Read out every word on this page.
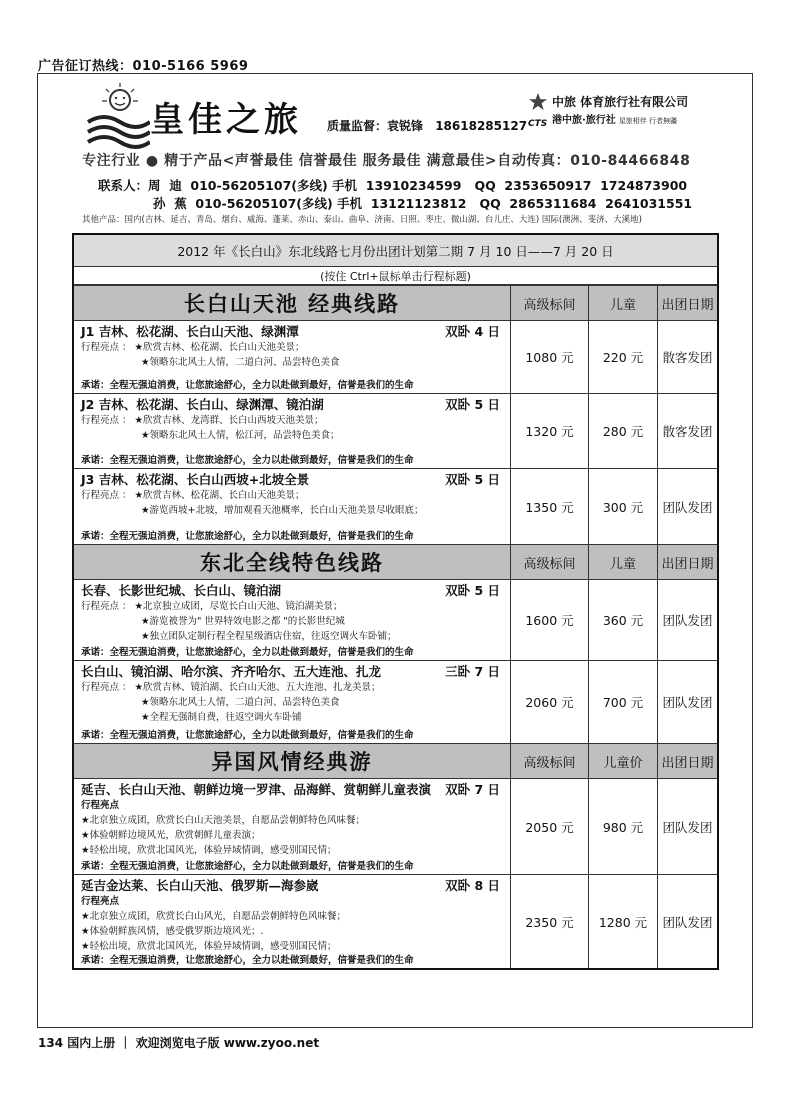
广告征订热线：010-5166 5969
皇佳之旅 质量监督：袁锐锋 18618285127
中旅 体育旅行社有限公司
港中旅·旅行社 星旅相伴 行者無疆
CTS
专注行业 ● 精于产品<声誉最佳 信誉最佳 服务最佳 满意最佳>自动传真：010-84466848
联系人：周  迪  010-56205107(多线) 手机  13910234599   QQ  2353650917  1724873900
孙  蕉  010-56205107(多线) 手机  13121123812   QQ  2865311684  2641031551
其他产品：国内(吉林、延吉、青岛、烟台、威海、蓬莱、赤山、泰山、曲阜、济南、日照、枣庄、微山湖、台儿庄、大连) 国际(澳洲、斐济、大溪地)
2012 年《长白山》东北线路七月份出团计划第二期 7 月 10 日——7 月 20 日
(按住 Ctrl+鼠标单击行程标题)
长白山天池 经典线路	高级标间	儿童	出团日期
J1 吉林、松花湖、长白山天池、绿渊潭	双卧 4 日
行程亮点 ： ★欣赏吉林、松花湖、长白山天池美景；
★领略东北风土人情，二道白河、品尝特色美食
承诺：全程无强迫消费，让您旅途舒心，全力以赴做到最好，信誉是我们的生命
1080 元	220 元	散客发团
J2 吉林、松花湖、长白山、绿渊潭、镜泊湖	双卧 5 日
行程亮点 ： ★欣赏吉林、龙湾群、长白山西坡天池美景；
★领略东北风土人情，松江河，品尝特色美食；
承诺：全程无强迫消费，让您旅途舒心，全力以赴做到最好，信誉是我们的生命
1320 元	280 元	散客发团
J3 吉林、松花湖、长白山西坡+北坡全景	双卧 5 日
行程亮点 ： ★欣赏吉林、松花湖、长白山天池美景；
★游览西坡+北坡，增加观看天池概率，长白山天池美景尽收眼底；
承诺：全程无强迫消费，让您旅途舒心，全力以赴做到最好，信誉是我们的生命
1350 元	300 元	团队发团
东北全线特色线路	高级标间	儿童	出团日期
长春、长影世纪城、长白山、镜泊湖	双卧 5 日
行程亮点 ： ★北京独立成团，尽览长白山天池、镜泊湖美景；
★游览被誉为" 世界特效电影之都 "的长影世纪城
★独立团队定制行程全程星级酒店住宿，往返空调火车卧铺；
承诺：全程无强迫消费，让您旅途舒心，全力以赴做到最好，信誉是我们的生命
1600 元	360 元	团队发团
长白山、镜泊湖、哈尔滨、齐齐哈尔、五大连池、扎龙	三卧 7 日
行程亮点 ： ★欣赏吉林、镜泊湖、长白山天池、五大连池、扎龙美景；
★领略东北风土人情，二道白河、品尝特色美食
★全程无强制自费，往返空调火车卧铺
承诺：全程无强迫消费，让您旅途舒心，全力以赴做到最好，信誉是我们的生命
2060 元	700 元	团队发团
异国风情经典游	高级标间	儿童价	出团日期
延吉、长白山天池、朝鲜边境一罗津、品海鲜、赏朝鲜儿童表演 双卧 7 日
行程亮点
★北京独立成团，欣赏长白山天池美景，自愿品尝朝鲜特色风味餐；
★体验朝鲜边境风光，欣赏朝鲜儿童表演；
★轻松出境，欣赏北国风光，体验异域情调，感受别国民情；
承诺：全程无强迫消费，让您旅途舒心，全力以赴做到最好，信誉是我们的生命
2050 元	980 元	团队发团
延吉金达莱、长白山天池、俄罗斯—海参崴	双卧 8 日
行程亮点
★北京独立成团，欣赏长白山风光，自愿品尝朝鲜特色风味餐；
★体验朝鲜族风情，感受俄罗斯边境风光；.
★轻松出境，欣赏北国风光，体验异域情调，感受别国民情；
承诺：全程无强迫消费，让您旅途舒心，全力以赴做到最好，信誉是我们的生命
2350 元	1280 元	团队发团
134 国内上册 ｜ 欢迎浏览电子版 www.zyoo.net
